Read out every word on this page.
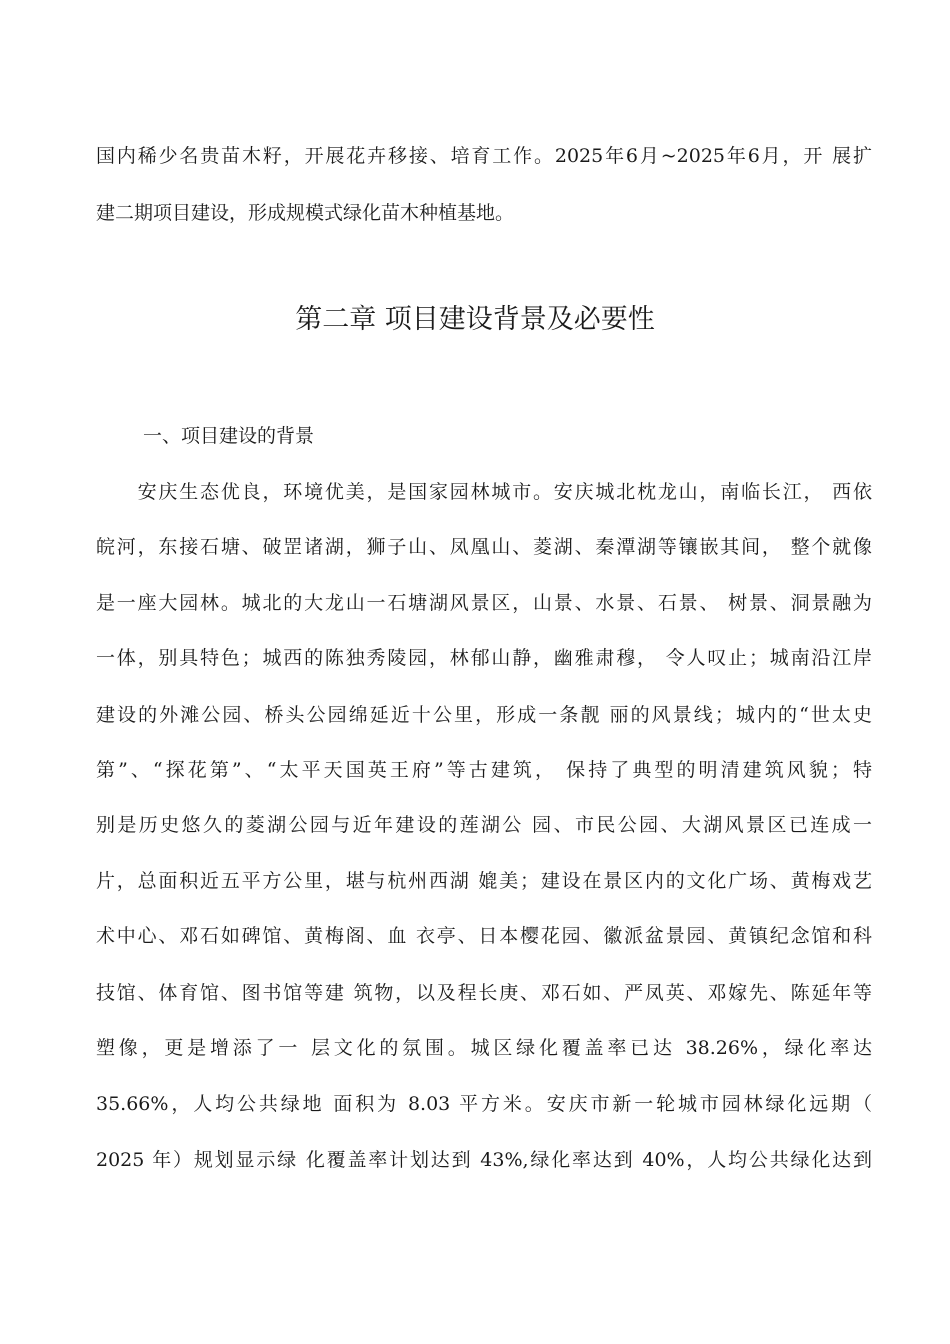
国内稀少名贵苗木籽，开展花卉移接、培育工作。2025年6月~2025年6月，开 展扩
建二期项目建设，形成规模式绿化苗木种植基地。
第二章 项目建设背景及必要性
一、项目建设的背景
　　安庆生态优良，环境优美，是国家园林城市。安庆城北枕龙山，南临长江， 西依
皖河，东接石塘、破罡诸湖，狮子山、凤凰山、菱湖、秦潭湖等镶嵌其间， 整个就像
是一座大园林。城北的大龙山一石塘湖风景区，山景、水景、石景、 树景、洞景融为
一体，别具特色；城西的陈独秀陵园，林郁山静，幽雅肃穆， 令人叹止；城南沿江岸
建设的外滩公园、桥头公园绵延近十公里，形成一条靓 丽的风景线；城内的“世太史
第”、“探花第”、“太平天国英王府”等古建筑， 保持了典型的明清建筑风貌；特
别是历史悠久的菱湖公园与近年建设的莲湖公 园、市民公园、大湖风景区已连成一
片，总面积近五平方公里，堪与杭州西湖 媲美；建设在景区内的文化广场、黄梅戏艺
术中心、邓石如碑馆、黄梅阁、血 衣亭、日本樱花园、徽派盆景园、黄镇纪念馆和科
技馆、体育馆、图书馆等建 筑物，以及程长庚、邓石如、严凤英、邓嫁先、陈延年等
塑像，更是增添了一 层文化的氛围。城区绿化覆盖率已达 38.26%，绿化率达
35.66%，人均公共绿地 面积为 8.03 平方米。安庆市新一轮城市园林绿化远期（
2025 年）规划显示绿 化覆盖率计划达到 43%,绿化率达到 40%，人均公共绿化达到
